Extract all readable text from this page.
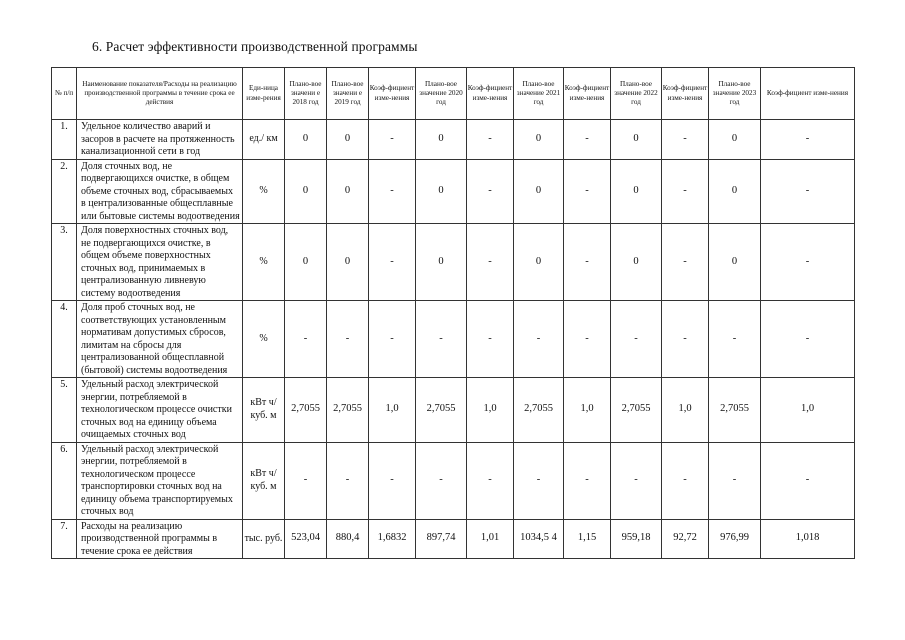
6. Расчет эффективности производственной программы
№ п/п	Наименование показателя/Расходы на реализацию производственной программы в течение срока ее действия	Еди-ница изме-рения	Плано-вое значени е 2018 год	Плано-вое значени е 2019 год	Коэф-фициент изме-нения	Плано-вое значение 2020 год	Коэф-фициент изме-нения	Плано-вое значение 2021 год	Коэф-фициент изме-нения	Плано-вое значение 2022 год	Коэф-фициент изме-нения	Плано-вое значение 2023 год	Коэф-фициент изме-нения
1.	Удельное количество аварий и засоров в расчете на протяженность канализационной сети в год	ед./ км	0	0	-	0	-	0	-	0	-	0	-
2.	Доля сточных вод, не подвергающихся очистке, в общем объеме сточных вод, сбрасываемых в централизованные общесплавные или бытовые системы водоотведения	%	0	0	-	0	-	0	-	0	-	0	-
3.	Доля поверхностных сточных вод, не подвергающихся очистке, в общем объеме поверхностных сточных вод, принимаемых в централизованную ливневую систему водоотведения	%	0	0	-	0	-	0	-	0	-	0	-
4.	Доля проб сточных вод, не соответствующих установленным нормативам допустимых сбросов, лимитам на сбросы для централизованной общесплавной (бытовой) системы водоотведения	%	-	-	-	-	-	-	-	-	-	-	-
5.	Удельный расход электрической энергии, потребляемой в технологическом процессе очистки сточных вод на единицу объема очищаемых сточных вод	кВт ч/куб. м	2,7055	2,7055	1,0	2,7055	1,0	2,7055	1,0	2,7055	1,0	2,7055	1,0
6.	Удельный расход электрической энергии, потребляемой в технологическом процессе транспортировки сточных вод на единицу объема транспортируемых сточных вод	кВт ч/куб. м	-	-	-	-	-	-	-	-	-	-	-
7.	Расходы на реализацию производственной программы в течение срока ее действия	тыс. руб.	523,04	880,4	1,6832	897,74	1,01	1034,5 4	1,15	959,18	92,72	976,99	1,018
